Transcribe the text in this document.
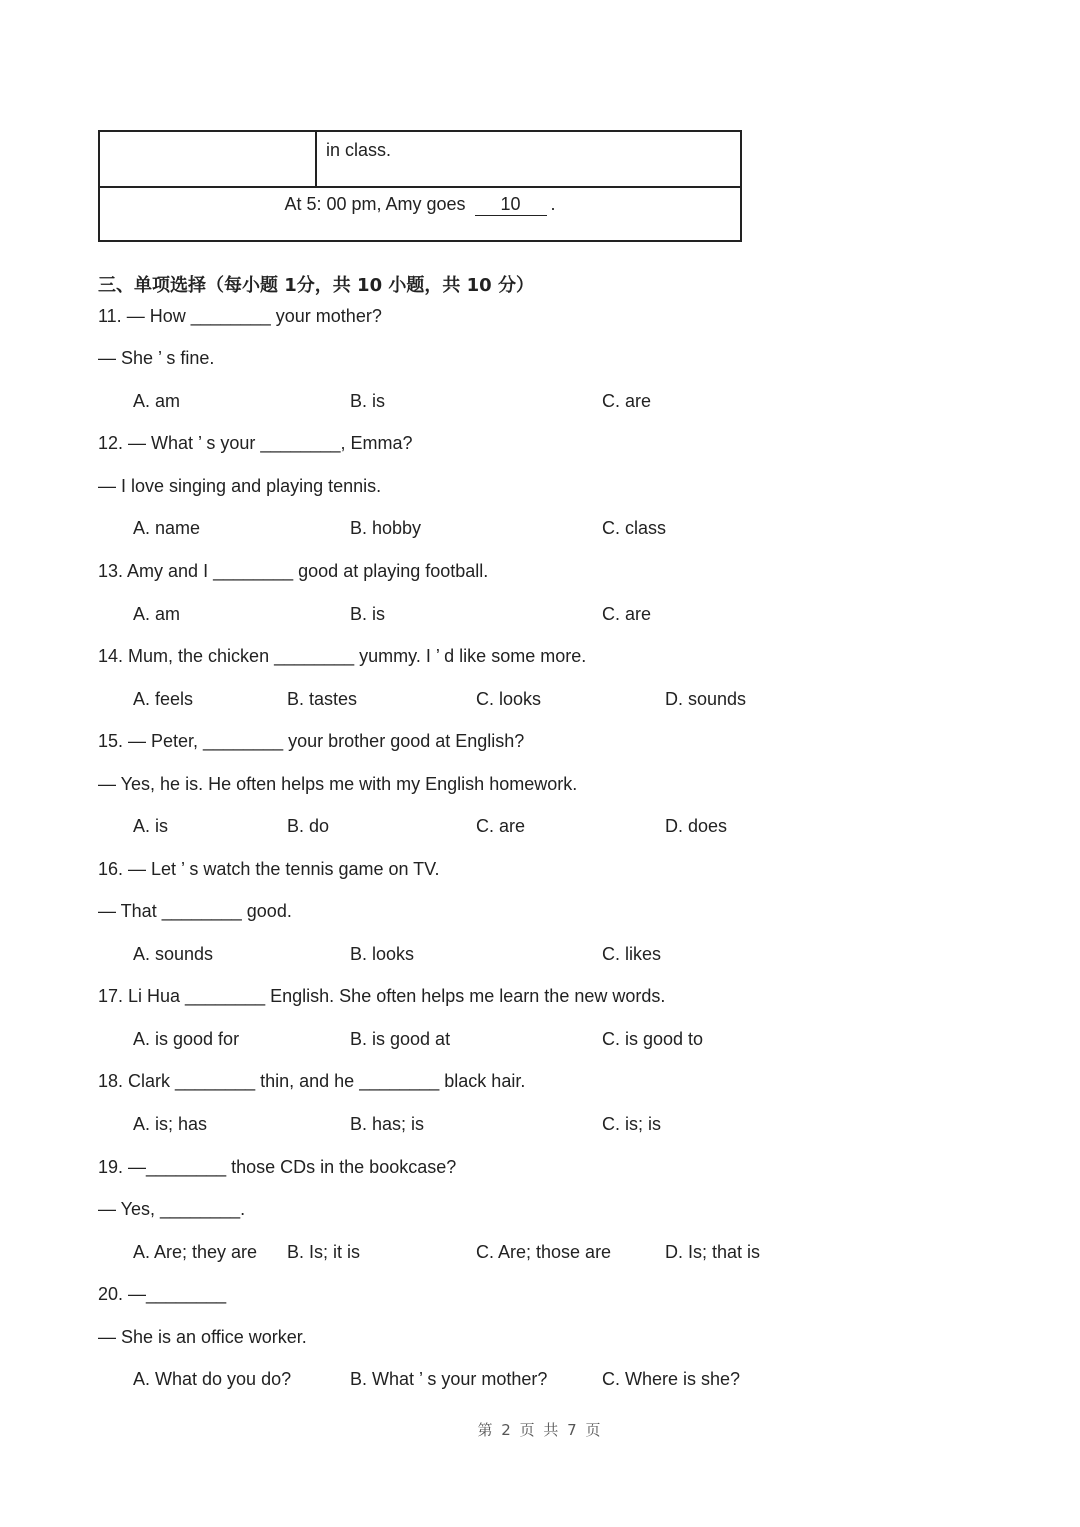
in class.
At 5: 00 pm, Amy goes 10 .
三、单项选择（每小题 1分，共 10 小题，共 10 分）
11. — How ________ your mother?
— She ’ s fine.
12. — What ’ s your ________, Emma?
— I love singing and playing tennis.
13. Amy and I ________ good at playing football.
14. Mum, the chicken ________ yummy. I ’ d like some more.
15. — Peter, ________ your brother good at English?
— Yes, he is. He often helps me with my English homework.
16. — Let ’ s watch the tennis game on TV.
— That ________ good.
17. Li Hua ________ English. She often helps me learn the new words.
18. Clark ________ thin, and he ________ black hair.
19. —________ those CDs in the bookcase?
— Yes, ________.
20. —________
— She is an office worker.
A. am	B. is	C. are
A. name	B. hobby	C. class
A. am	B. is	C. are
A. feels	B. tastes	C. looks	D. sounds
A. is	B. do	C. are	D. does
A. sounds	B. looks	C. likes
A. is good for	B. is good at	C. is good to
A. is; has	B. has; is	C. is; is
A. Are; they are B. Is; it is	C. Are; those are	D. Is; that is
A. What do you do?	B. What ’ s your mother?	C. Where is she?
第 2 页 共 7 页
